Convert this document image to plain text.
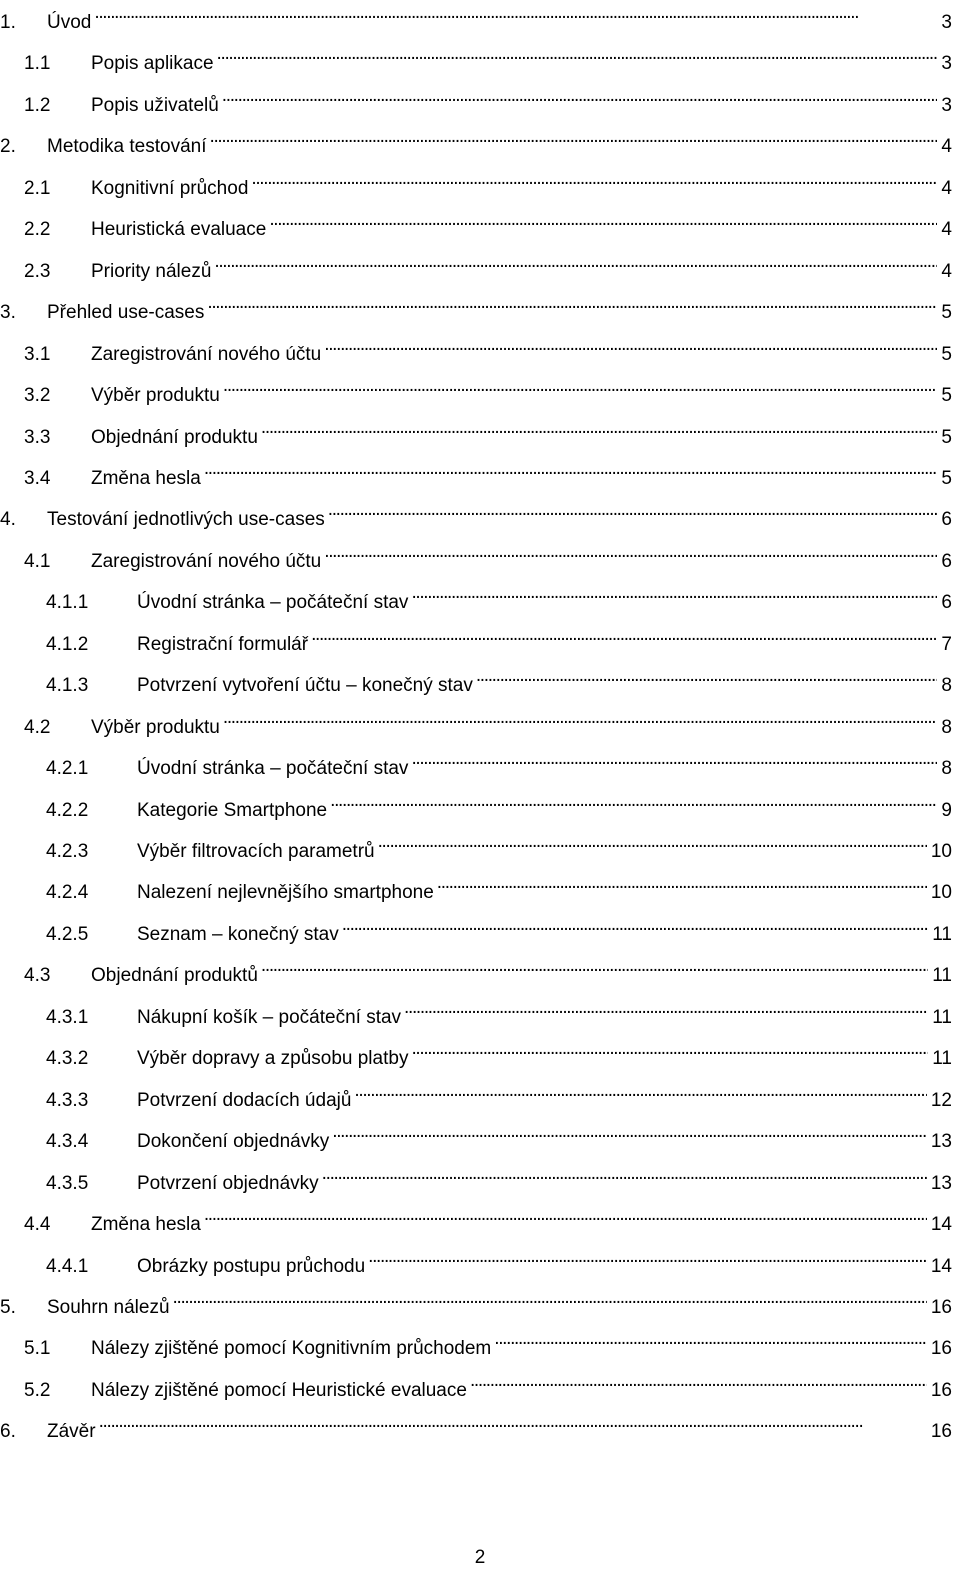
1.	Úvod . . .	3
1.1	Popis aplikace . . .	3
1.2	Popis uživatelů . . .	3
2.	Metodika testování . . .	4
2.1	Kognitivní průchod . . .	4
2.2	Heuristická evaluace . . .	4
2.3	Priority nálezů . . .	4
3.	Přehled use-cases . . .	5
3.1	Zaregistrování nového účtu . . .	5
3.2	Výběr produktu . . .	5
3.3	Objednání produktu . . .	5
3.4	Změna hesla . . .	5
4.	Testování jednotlivých use-cases . . .	6
4.1	Zaregistrování nového účtu . . .	6
4.1.1	Úvodní stránka – počáteční stav . . .	6
4.1.2	Registrační formulář . . .	7
4.1.3	Potvrzení vytvoření účtu – konečný stav . . .	8
4.2	Výběr produktu . . .	8
4.2.1	Úvodní stránka – počáteční stav . . .	8
4.2.2	Kategorie Smartphone . . .	9
4.2.3	Výběr filtrovacích parametrů . . .	10
4.2.4	Nalezení nejlevnějšího smartphone . . .	10
4.2.5	Seznam – konečný stav . . .	11
4.3	Objednání produktů . . .	11
4.3.1	Nákupní košík – počáteční stav . . .	11
4.3.2	Výběr dopravy a způsobu platby . . .	11
4.3.3	Potvrzení dodacích údajů . . .	12
4.3.4	Dokončení objednávky . . .	13
4.3.5	Potvrzení objednávky . . .	13
4.4	Změna hesla . . .	14
4.4.1	Obrázky postupu průchodu . . .	14
5.	Souhrn nálezů . . .	16
5.1	Nálezy zjištěné pomocí Kognitivním průchodem . . .	16
5.2	Nálezy zjištěné pomocí Heuristické evaluace . . .	16
6.	Závěr . . .	16
2
